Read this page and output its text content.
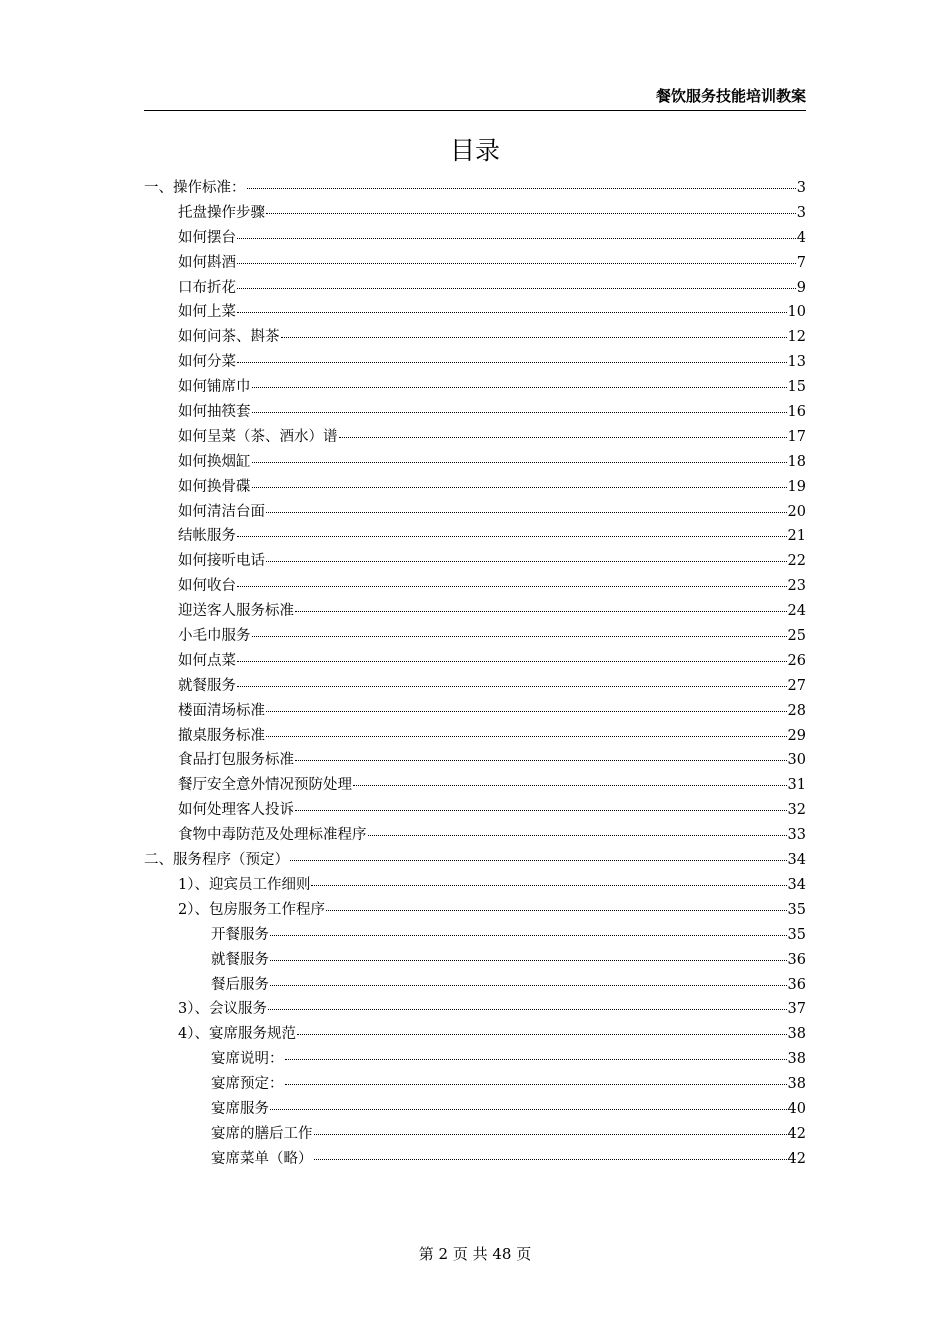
餐饮服务技能培训教案
目录
一、操作标准：	3
托盘操作步骤	3
如何摆台	4
如何斟酒	7
口布折花	9
如何上菜	10
如何问茶、斟茶	12
如何分菜	13
如何铺席巾	15
如何抽筷套	16
如何呈菜（茶、酒水）谱	17
如何换烟缸	18
如何换骨碟	19
如何清洁台面	20
结帐服务	21
如何接听电话	22
如何收台	23
迎送客人服务标准	24
小毛巾服务	25
如何点菜	26
就餐服务	27
楼面清场标准	28
撤桌服务标准	29
食品打包服务标准	30
餐厅安全意外情况预防处理	31
如何处理客人投诉	32
食物中毒防范及处理标准程序	33
二、服务程序（预定）	34
1）、迎宾员工作细则	34
2）、包房服务工作程序	35
开餐服务	35
就餐服务	36
餐后服务	36
3）、会议服务	37
4）、宴席服务规范	38
宴席说明：	38
宴席预定：	38
宴席服务	40
宴席的膳后工作	42
宴席菜单（略）	42
第 2 页 共 48 页
